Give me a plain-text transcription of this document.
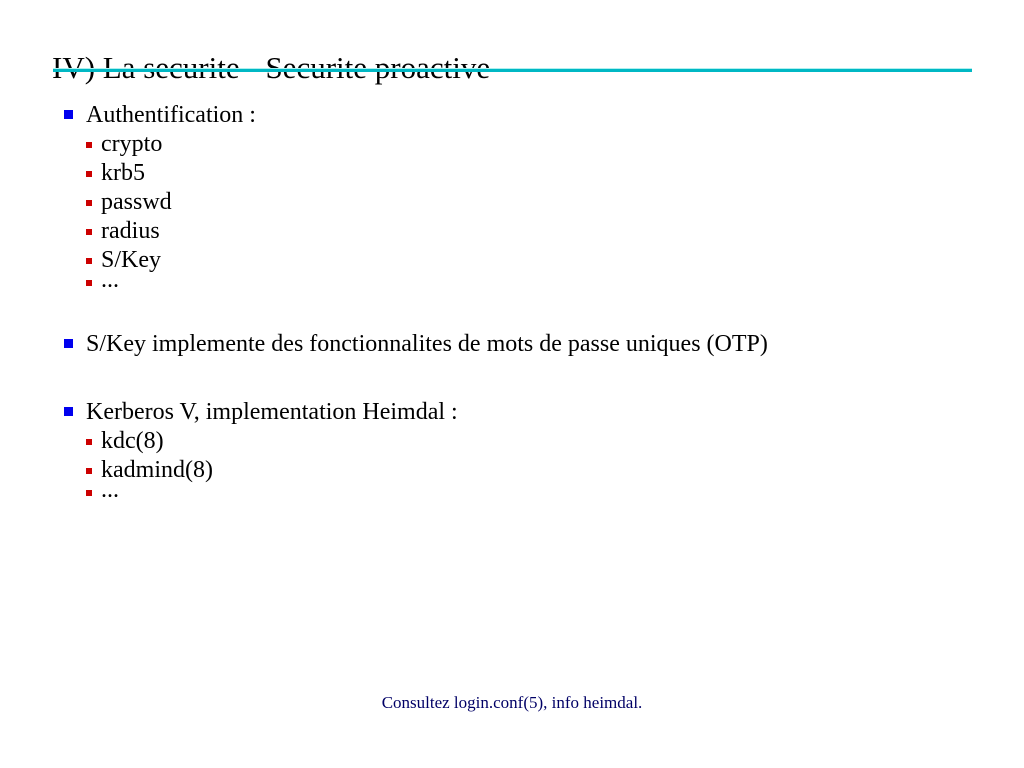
Authentification :
crypto
krb5
passwd
radius
S/Key
...
S/Key implemente des fonctionnalites de mots de passe uniques (OTP)
Kerberos V, implementation Heimdal :
kdc(8)
kadmind(8)
...
Consultez login.conf(5), info heimdal.
